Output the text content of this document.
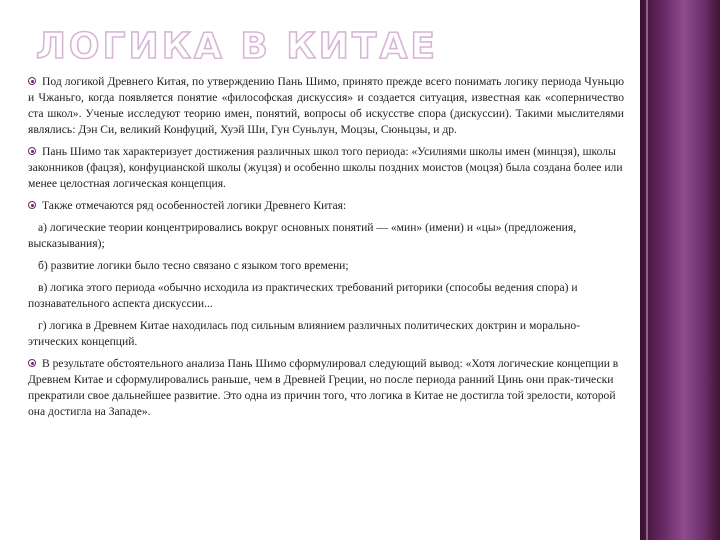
ЛОГИКА В КИТАЕ

Под логикой Древнего Китая, по утверждению Пань Шимо, принято прежде всего понимать логику периода Чуньцю и Чжаньго, когда появляется понятие «философская дискуссия» и создается ситуация, известная как «соперничество ста школ». Ученые исследуют теорию имен, понятий, вопросы об искусстве спора (дискуссии). Такими мыслителями являлись: Дэн Си, великий Конфуций, Хуэй Ши, Гун Суньлун, Моцзы, Сюньцзы, и др.

Пань Шимо так характеризует достижения различных школ того периода: «Усилиями школы имен (минцзя), школы законников (фацзя), конфуцианской школы (жуцзя) и особенно школы поздних моистов (моцзя) была создана более или менее целостная логическая концепция.

Также отмечаются ряд особенностей логики Древнего Китая:

а) логические теории концентрировались вокруг основных понятий — «мин» (имени) и «цы» (предложения, высказывания);

б) развитие логики было тесно связано с языком того времени;

в) логика этого периода «обычно исходила из практических требований риторики (способы ведения спора) и познавательного аспекта дискуссии...

г) логика в Древнем Китае находилась под сильным влиянием различных политических доктрин и морально-этических концепций.

В результате обстоятельного анализа Пань Шимо сформулировал следующий вывод: «Хотя логические концепции в Древнем Китае и сформулировались раньше, чем в Древней Греции, но после периода ранний Цинь они прак-тически прекратили свое дальнейшее развитие. Это одна из причин того, что логика в Китае не достигла той зрелости, которой она достигла на Западе».
